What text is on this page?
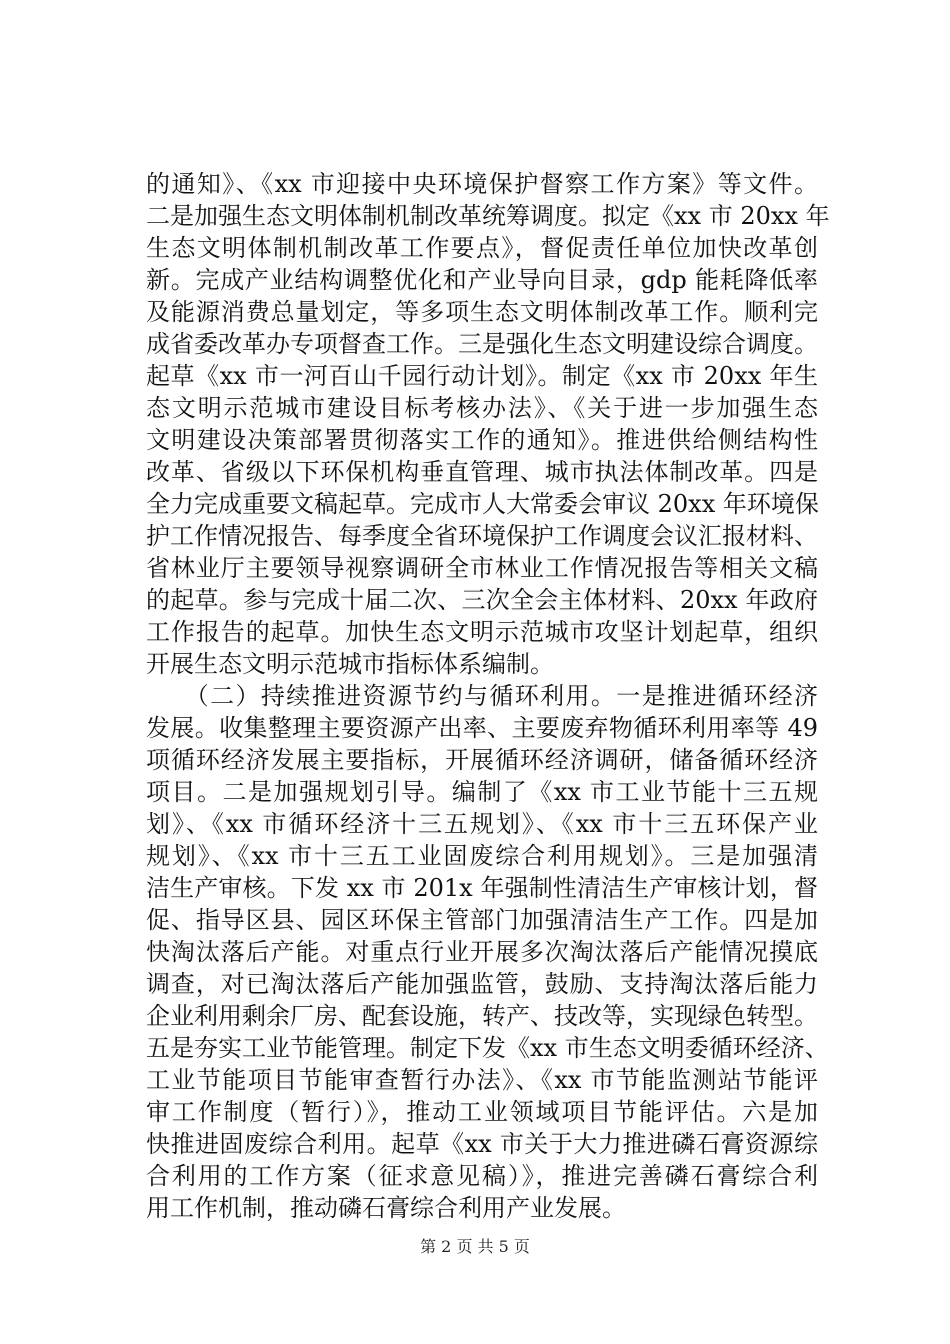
的通知》、《xx 市迎接中央环境保护督察工作方案》等文件。
二是加强生态文明体制机制改革统筹调度。拟定《xx 市 20xx 年
生态文明体制机制改革工作要点》，督促责任单位加快改革创
新。完成产业结构调整优化和产业导向目录，gdp 能耗降低率
及能源消费总量划定，等多项生态文明体制改革工作。顺利完
成省委改革办专项督查工作。三是强化生态文明建设综合调度。
起草《xx 市一河百山千园行动计划》。制定《xx 市 20xx 年生
态文明示范城市建设目标考核办法》、《关于进一步加强生态
文明建设决策部署贯彻落实工作的通知》。推进供给侧结构性
改革、省级以下环保机构垂直管理、城市执法体制改革。四是
全力完成重要文稿起草。完成市人大常委会审议 20xx 年环境保
护工作情况报告、每季度全省环境保护工作调度会议汇报材料、
省林业厅主要领导视察调研全市林业工作情况报告等相关文稿
的起草。参与完成十届二次、三次全会主体材料、20xx 年政府
工作报告的起草。加快生态文明示范城市攻坚计划起草，组织
开展生态文明示范城市指标体系编制。
　　（二）持续推进资源节约与循环利用。一是推进循环经济
发展。收集整理主要资源产出率、主要废弃物循环利用率等 49
项循环经济发展主要指标，开展循环经济调研，储备循环经济
项目。二是加强规划引导。编制了《xx 市工业节能十三五规
划》、《xx 市循环经济十三五规划》、《xx 市十三五环保产业
规划》、《xx 市十三五工业固废综合利用规划》。三是加强清
洁生产审核。下发 xx 市 201x 年强制性清洁生产审核计划，督
促、指导区县、园区环保主管部门加强清洁生产工作。四是加
快淘汰落后产能。对重点行业开展多次淘汰落后产能情况摸底
调查，对已淘汰落后产能加强监管，鼓励、支持淘汰落后能力
企业利用剩余厂房、配套设施，转产、技改等，实现绿色转型。
五是夯实工业节能管理。制定下发《xx 市生态文明委循环经济、
工业节能项目节能审查暂行办法》、《xx 市节能监测站节能评
审工作制度（暂行）》，推动工业领域项目节能评估。六是加
快推进固废综合利用。起草《xx 市关于大力推进磷石膏资源综
合利用的工作方案（征求意见稿）》，推进完善磷石膏综合利
用工作机制，推动磷石膏综合利用产业发展。
第 2 页 共 5 页
